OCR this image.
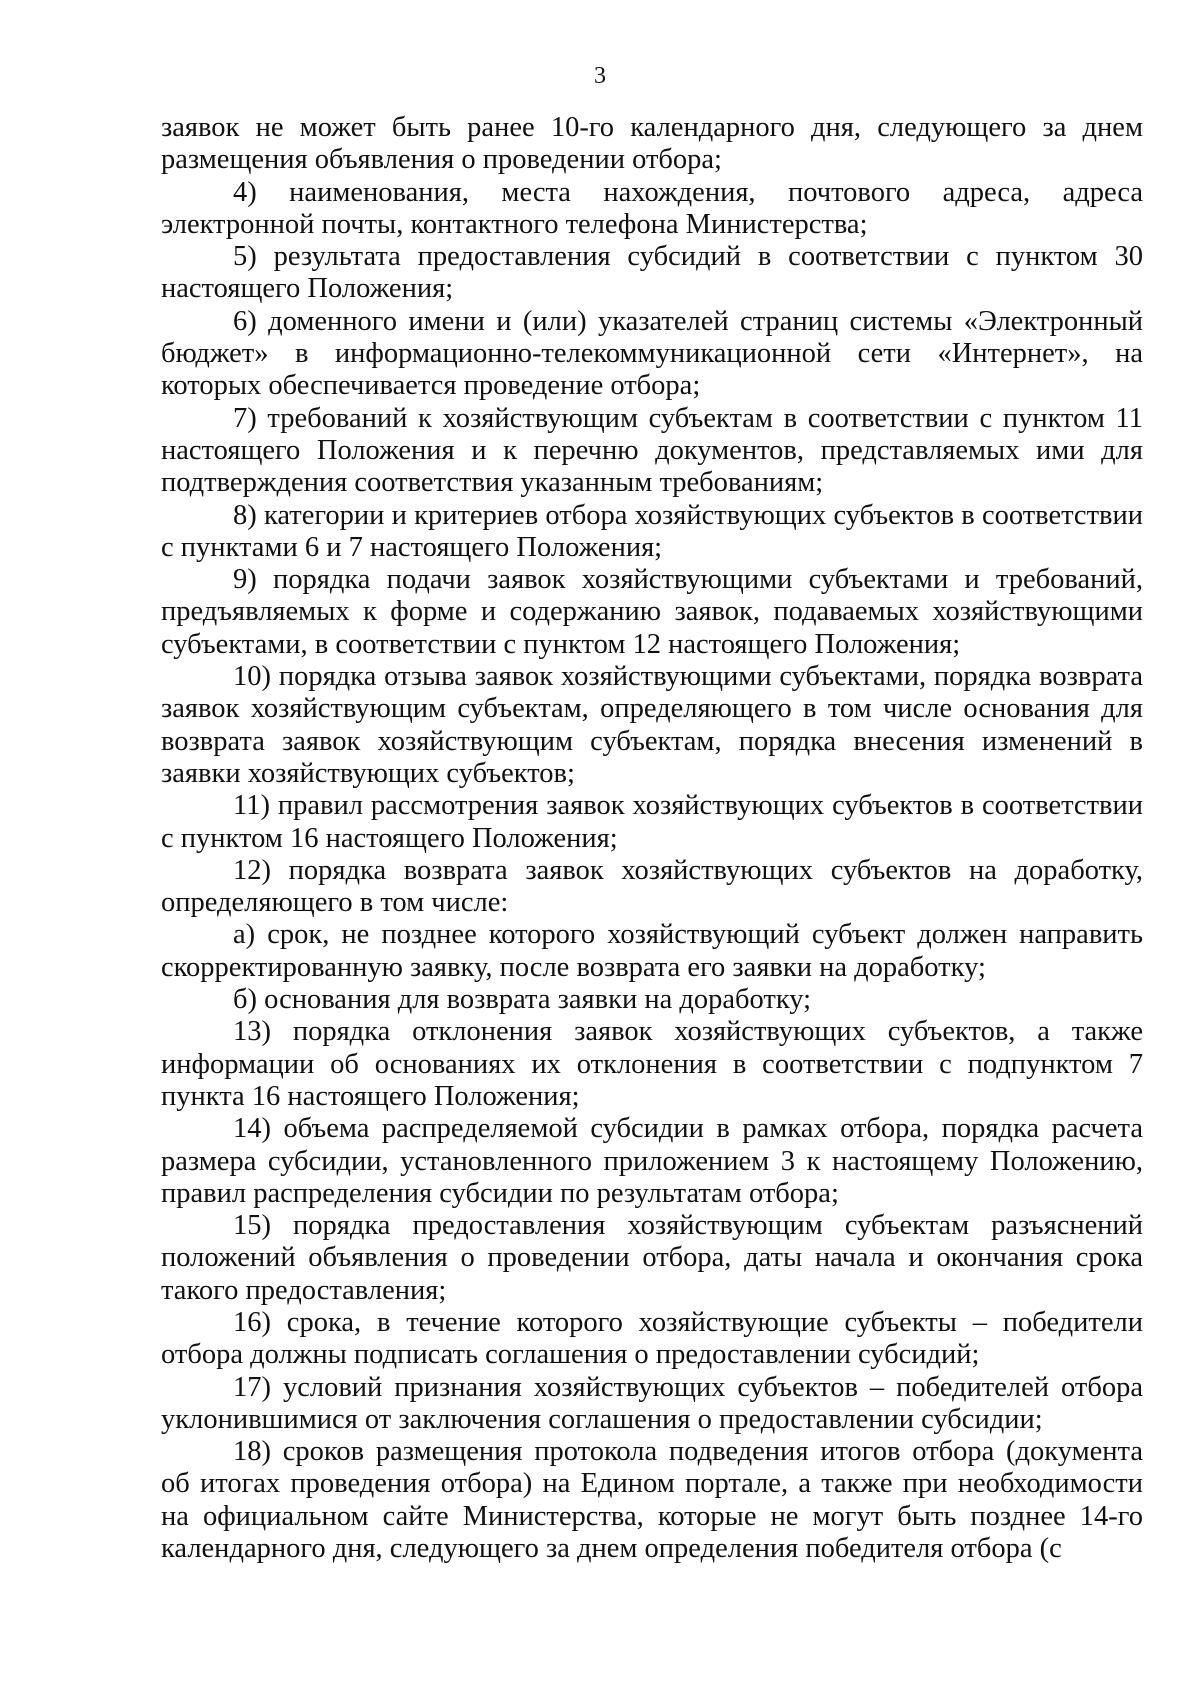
3

заявок не может быть ранее 10-го календарного дня, следующего за днем размещения объявления о проведении отбора;

4) наименования, места нахождения, почтового адреса, адреса электронной почты, контактного телефона Министерства;

5) результата предоставления субсидий в соответствии с пунктом 30 настоящего Положения;

6) доменного имени и (или) указателей страниц системы «Электронный бюджет» в информационно-телекоммуникационной сети «Интернет», на которых обеспечивается проведение отбора;

7) требований к хозяйствующим субъектам в соответствии с пунктом 11 настоящего Положения и к перечню документов, представляемых ими для подтверждения соответствия указанным требованиям;

8) категории и критериев отбора хозяйствующих субъектов в соответствии с пунктами 6 и 7 настоящего Положения;

9) порядка подачи заявок хозяйствующими субъектами и требований, предъявляемых к форме и содержанию заявок, подаваемых хозяйствующими субъектами, в соответствии с пунктом 12 настоящего Положения;

10) порядка отзыва заявок хозяйствующими субъектами, порядка возврата заявок хозяйствующим субъектам, определяющего в том числе основания для возврата заявок хозяйствующим субъектам, порядка внесения изменений в заявки хозяйствующих субъектов;

11) правил рассмотрения заявок хозяйствующих субъектов в соответствии с пунктом 16 настоящего Положения;

12) порядка возврата заявок хозяйствующих субъектов на доработку, определяющего в том числе:

а) срок, не позднее которого хозяйствующий субъект должен направить скорректированную заявку, после возврата его заявки на доработку;

б) основания для возврата заявки на доработку;

13) порядка отклонения заявок хозяйствующих субъектов, а также информации об основаниях их отклонения в соответствии с подпунктом 7 пункта 16 настоящего Положения;

14) объема распределяемой субсидии в рамках отбора, порядка расчета размера субсидии, установленного приложением 3 к настоящему Положению, правил распределения субсидии по результатам отбора;

15) порядка предоставления хозяйствующим субъектам разъяснений положений объявления о проведении отбора, даты начала и окончания срока такого предоставления;

16) срока, в течение которого хозяйствующие субъекты – победители отбора должны подписать соглашения о предоставлении субсидий;

17) условий признания хозяйствующих субъектов – победителей отбора уклонившимися от заключения соглашения о предоставлении субсидии;

18) сроков размещения протокола подведения итогов отбора (документа об итогах проведения отбора) на Едином портале, а также при необходимости на официальном сайте Министерства, которые не могут быть позднее 14-го календарного дня, следующего за днем определения победителя отбора (с
